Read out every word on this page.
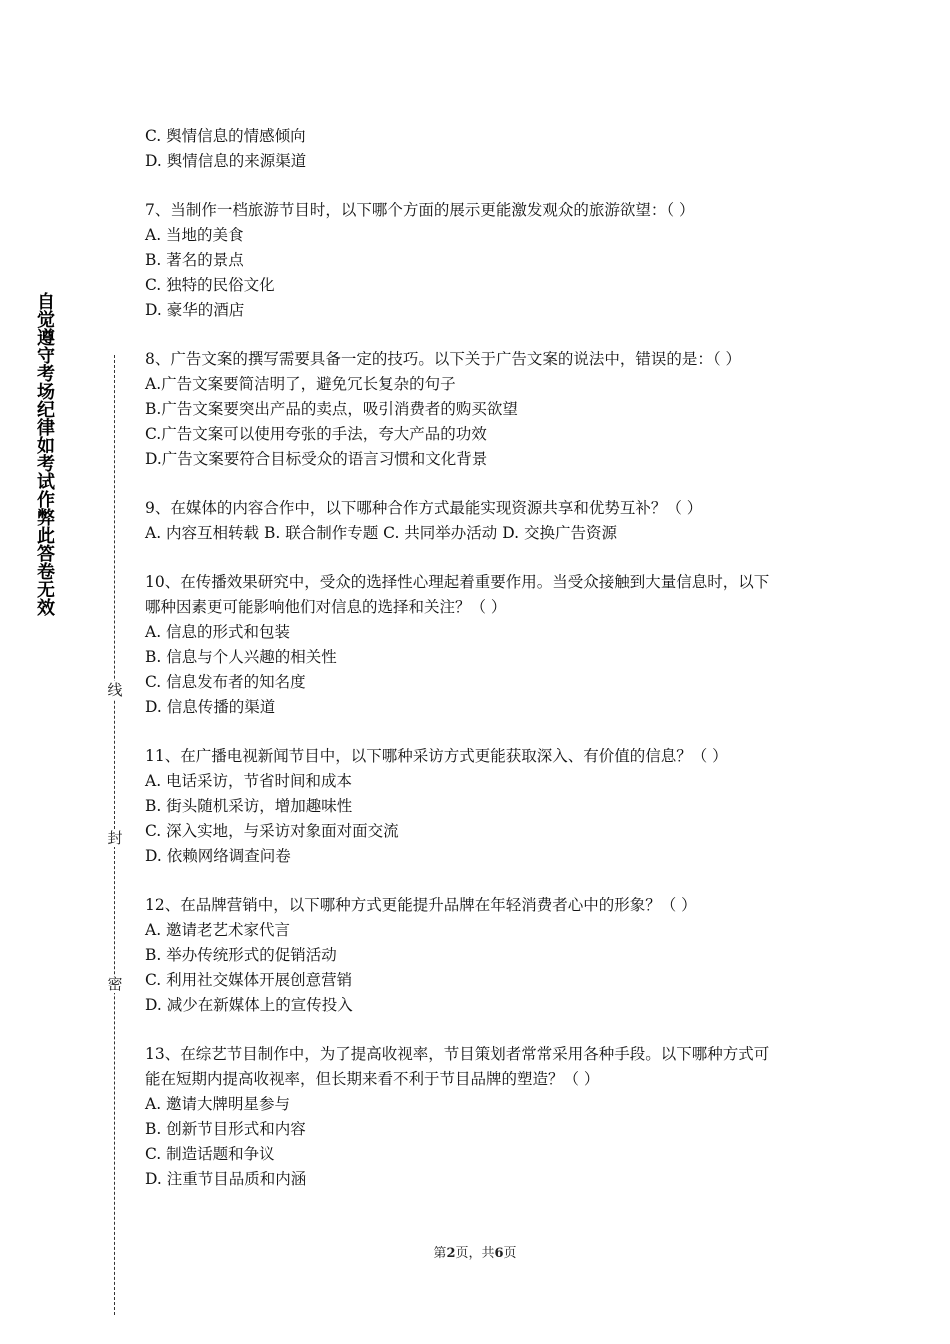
自觉遵守考场纪律如考试作弊此答卷无效
线
封
密

C. 舆情信息的情感倾向

D. 舆情信息的来源渠道

7、当制作一档旅游节目时，以下哪个方面的展示更能激发观众的旅游欲望：（ ）

A. 当地的美食

B. 著名的景点

C. 独特的民俗文化

D. 豪华的酒店

8、广告文案的撰写需要具备一定的技巧。以下关于广告文案的说法中，错误的是：（ ）

A.广告文案要简洁明了，避免冗长复杂的句子

B.广告文案要突出产品的卖点，吸引消费者的购买欲望

C.广告文案可以使用夸张的手法，夸大产品的功效

D.广告文案要符合目标受众的语言习惯和文化背景

9、在媒体的内容合作中，以下哪种合作方式最能实现资源共享和优势互补？（ ）

A. 内容互相转载 B. 联合制作专题 C. 共同举办活动 D. 交换广告资源

10、在传播效果研究中，受众的选择性心理起着重要作用。当受众接触到大量信息时，以下

哪种因素更可能影响他们对信息的选择和关注？（ ）

A. 信息的形式和包装

B. 信息与个人兴趣的相关性

C. 信息发布者的知名度

D. 信息传播的渠道

11、在广播电视新闻节目中，以下哪种采访方式更能获取深入、有价值的信息？（ ）

A. 电话采访，节省时间和成本

B. 街头随机采访，增加趣味性

C. 深入实地，与采访对象面对面交流

D. 依赖网络调查问卷

12、在品牌营销中，以下哪种方式更能提升品牌在年轻消费者心中的形象？（ ）

A. 邀请老艺术家代言

B. 举办传统形式的促销活动

C. 利用社交媒体开展创意营销

D. 减少在新媒体上的宣传投入

13、在综艺节目制作中，为了提高收视率，节目策划者常常采用各种手段。以下哪种方式可

能在短期内提高收视率，但长期来看不利于节目品牌的塑造？（ ）

A. 邀请大牌明星参与

B. 创新节目形式和内容

C. 制造话题和争议

D. 注重节目品质和内涵

第2页，共6页
